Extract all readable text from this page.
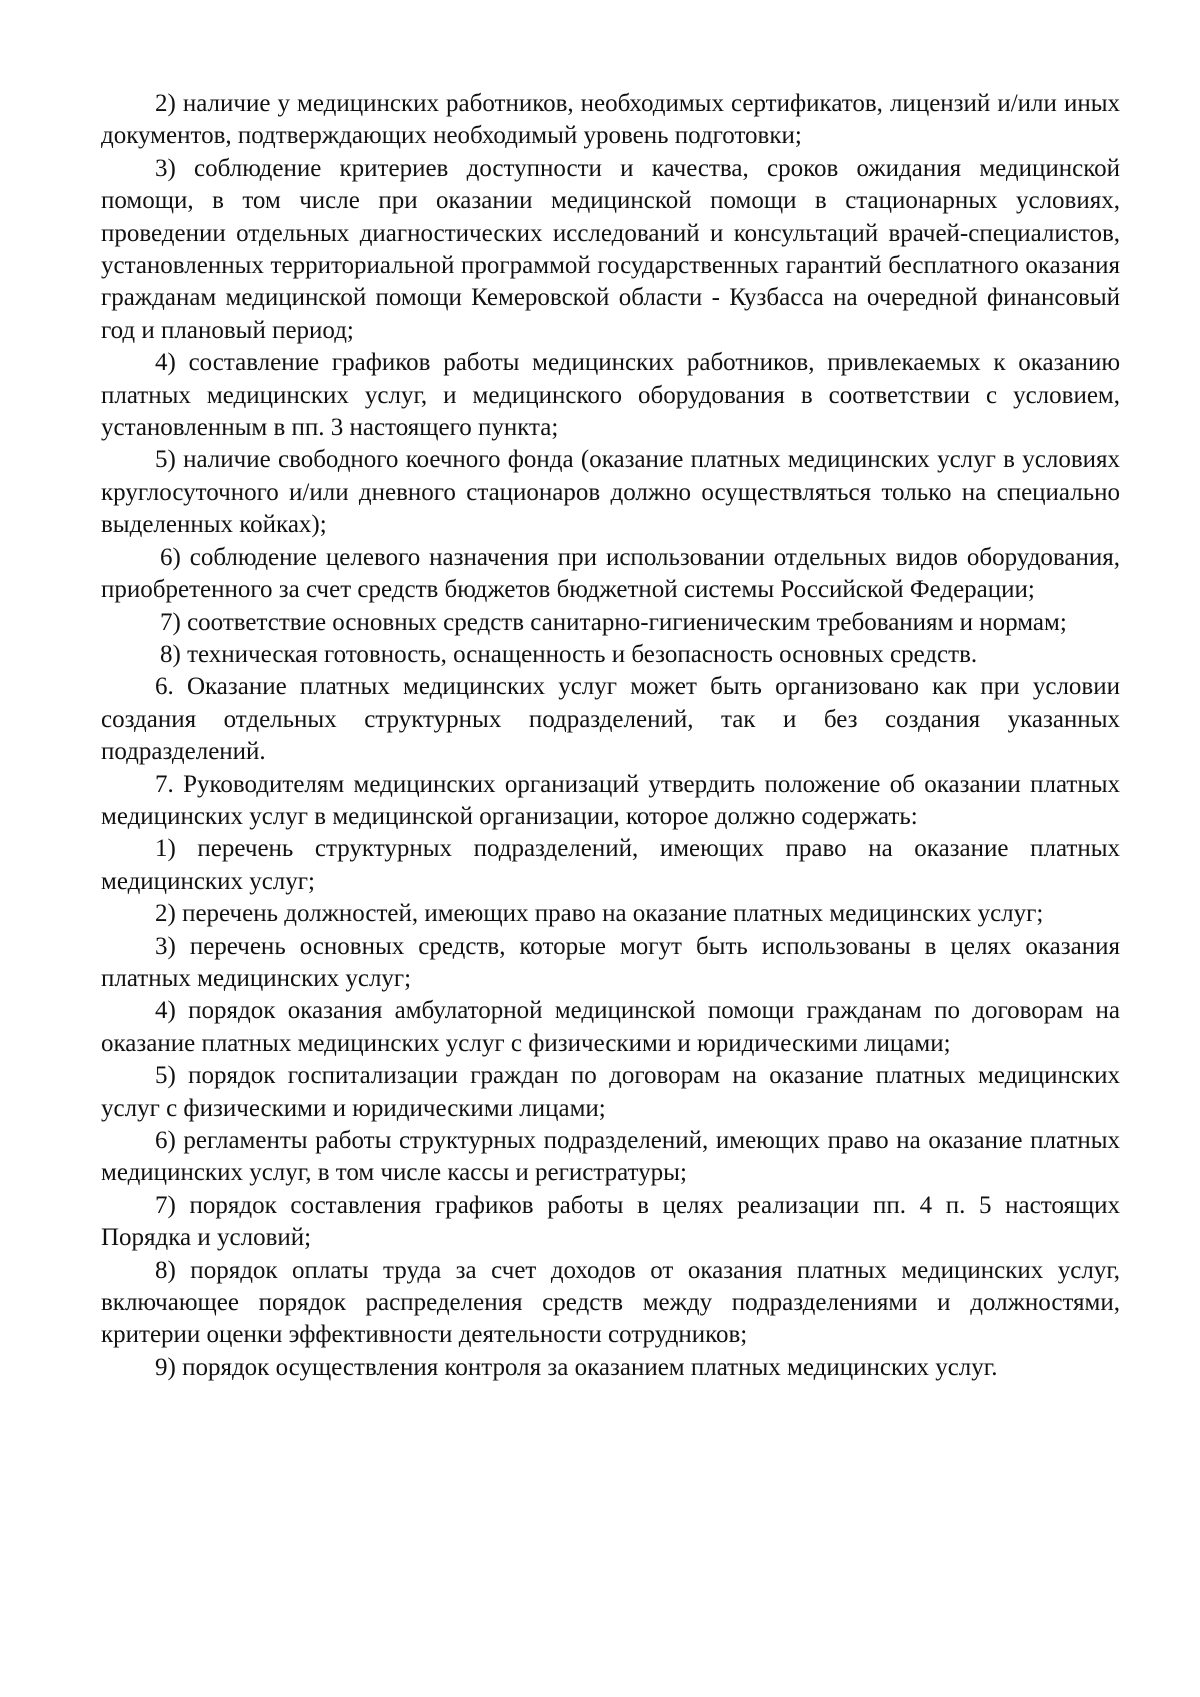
2) наличие у медицинских работников, необходимых сертификатов, лицензий и/или иных документов, подтверждающих необходимый уровень подготовки;

3) соблюдение критериев доступности и качества, сроков ожидания медицинской помощи, в том числе при оказании медицинской помощи в стационарных условиях, проведении отдельных диагностических исследований и консультаций врачей-специалистов, установленных территориальной программой государственных гарантий бесплатного оказания гражданам медицинской помощи Кемеровской области - Кузбасса на очередной финансовый год и плановый период;

4) составление графиков работы медицинских работников, привлекаемых к оказанию платных медицинских услуг, и медицинского оборудования в соответствии с условием, установленным в пп. 3 настоящего пункта;

5) наличие свободного коечного фонда (оказание платных медицинских услуг в условиях круглосуточного и/или дневного стационаров должно осуществляться только на специально выделенных койках);

6) соблюдение целевого назначения при использовании отдельных видов оборудования, приобретенного за счет средств бюджетов бюджетной системы Российской Федерации;

7) соответствие основных средств санитарно-гигиеническим требованиям и нормам;

8) техническая готовность, оснащенность и безопасность основных средств.

6. Оказание платных медицинских услуг может быть организовано как при условии создания отдельных структурных подразделений, так и без создания указанных подразделений.

7. Руководителям медицинских организаций утвердить положение об оказании платных медицинских услуг в медицинской организации, которое должно содержать:

1) перечень структурных подразделений, имеющих право на оказание платных медицинских услуг;

2) перечень должностей, имеющих право на оказание платных медицинских услуг;

3) перечень основных средств, которые могут быть использованы в целях оказания платных медицинских услуг;

4) порядок оказания амбулаторной медицинской помощи гражданам по договорам на оказание платных медицинских услуг с физическими и юридическими лицами;

5) порядок госпитализации граждан по договорам на оказание платных медицинских услуг с физическими и юридическими лицами;

6) регламенты работы структурных подразделений, имеющих право на оказание платных медицинских услуг, в том числе кассы и регистратуры;

7) порядок составления графиков работы в целях реализации пп. 4 п. 5 настоящих Порядка и условий;

8) порядок оплаты труда за счет доходов от оказания платных медицинских услуг, включающее порядок распределения средств между подразделениями и должностями, критерии оценки эффективности деятельности сотрудников;

9) порядок осуществления контроля за оказанием платных медицинских услуг.
